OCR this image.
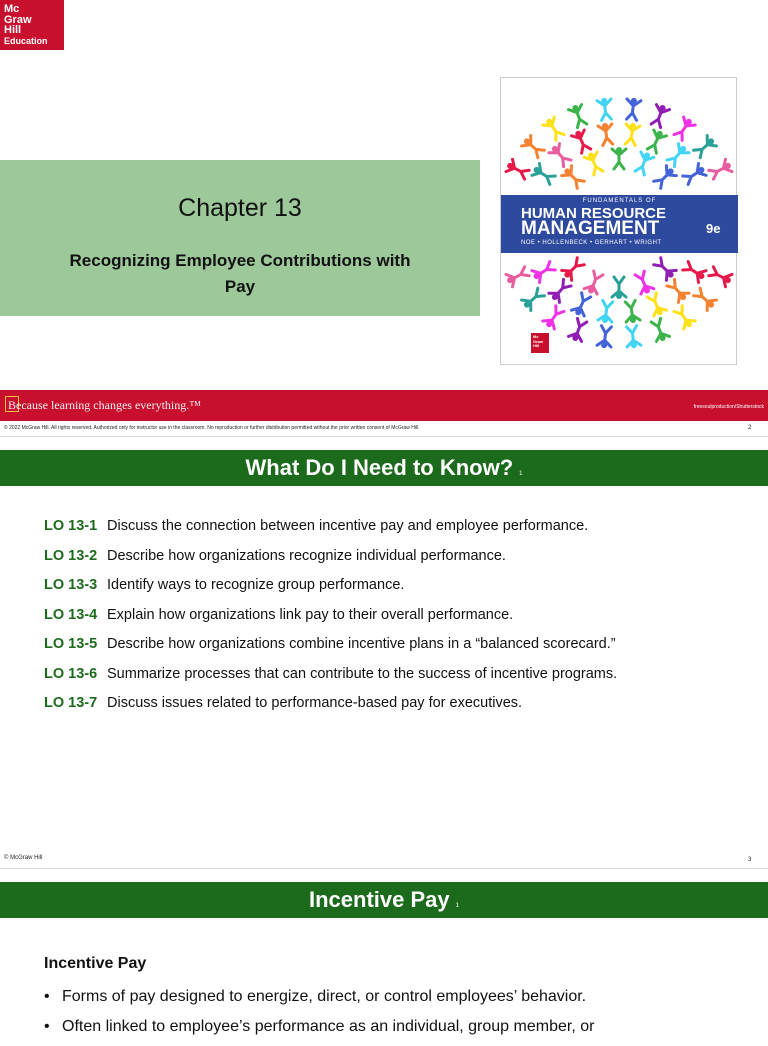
Mc
Graw
Hill
Education
Chapter 13
Recognizing Employee Contributions with Pay
FUNDAMENTALS OF
HUMAN RESOURCE
MANAGEMENT	9e
NOE • HOLLENBECK • GERHART • WRIGHT
Mc
Graw
Hill
Because learning changes everything.™	freesoulproduction/Shutterstock
© 2022 McGraw Hill. All rights reserved. Authorized only for instructor use in the classroom. No reproduction or further distribution permitted without the prior written consent of McGraw Hill.	2
What Do I Need to Know? 1
LO 13-1 Discuss the connection between incentive pay and employee performance.
LO 13-2 Describe how organizations recognize individual performance.
LO 13-3 Identify ways to recognize group performance.
LO 13-4 Explain how organizations link pay to their overall performance.
LO 13-5 Describe how organizations combine incentive plans in a “balanced scorecard.”
LO 13-6 Summarize processes that can contribute to the success of incentive programs.
LO 13-7 Discuss issues related to performance-based pay for executives.
© McGraw Hill	3
Incentive Pay 1
Incentive Pay
• Forms of pay designed to energize, direct, or control employees’ behavior.
• Often linked to employee’s performance as an individual, group member, or
